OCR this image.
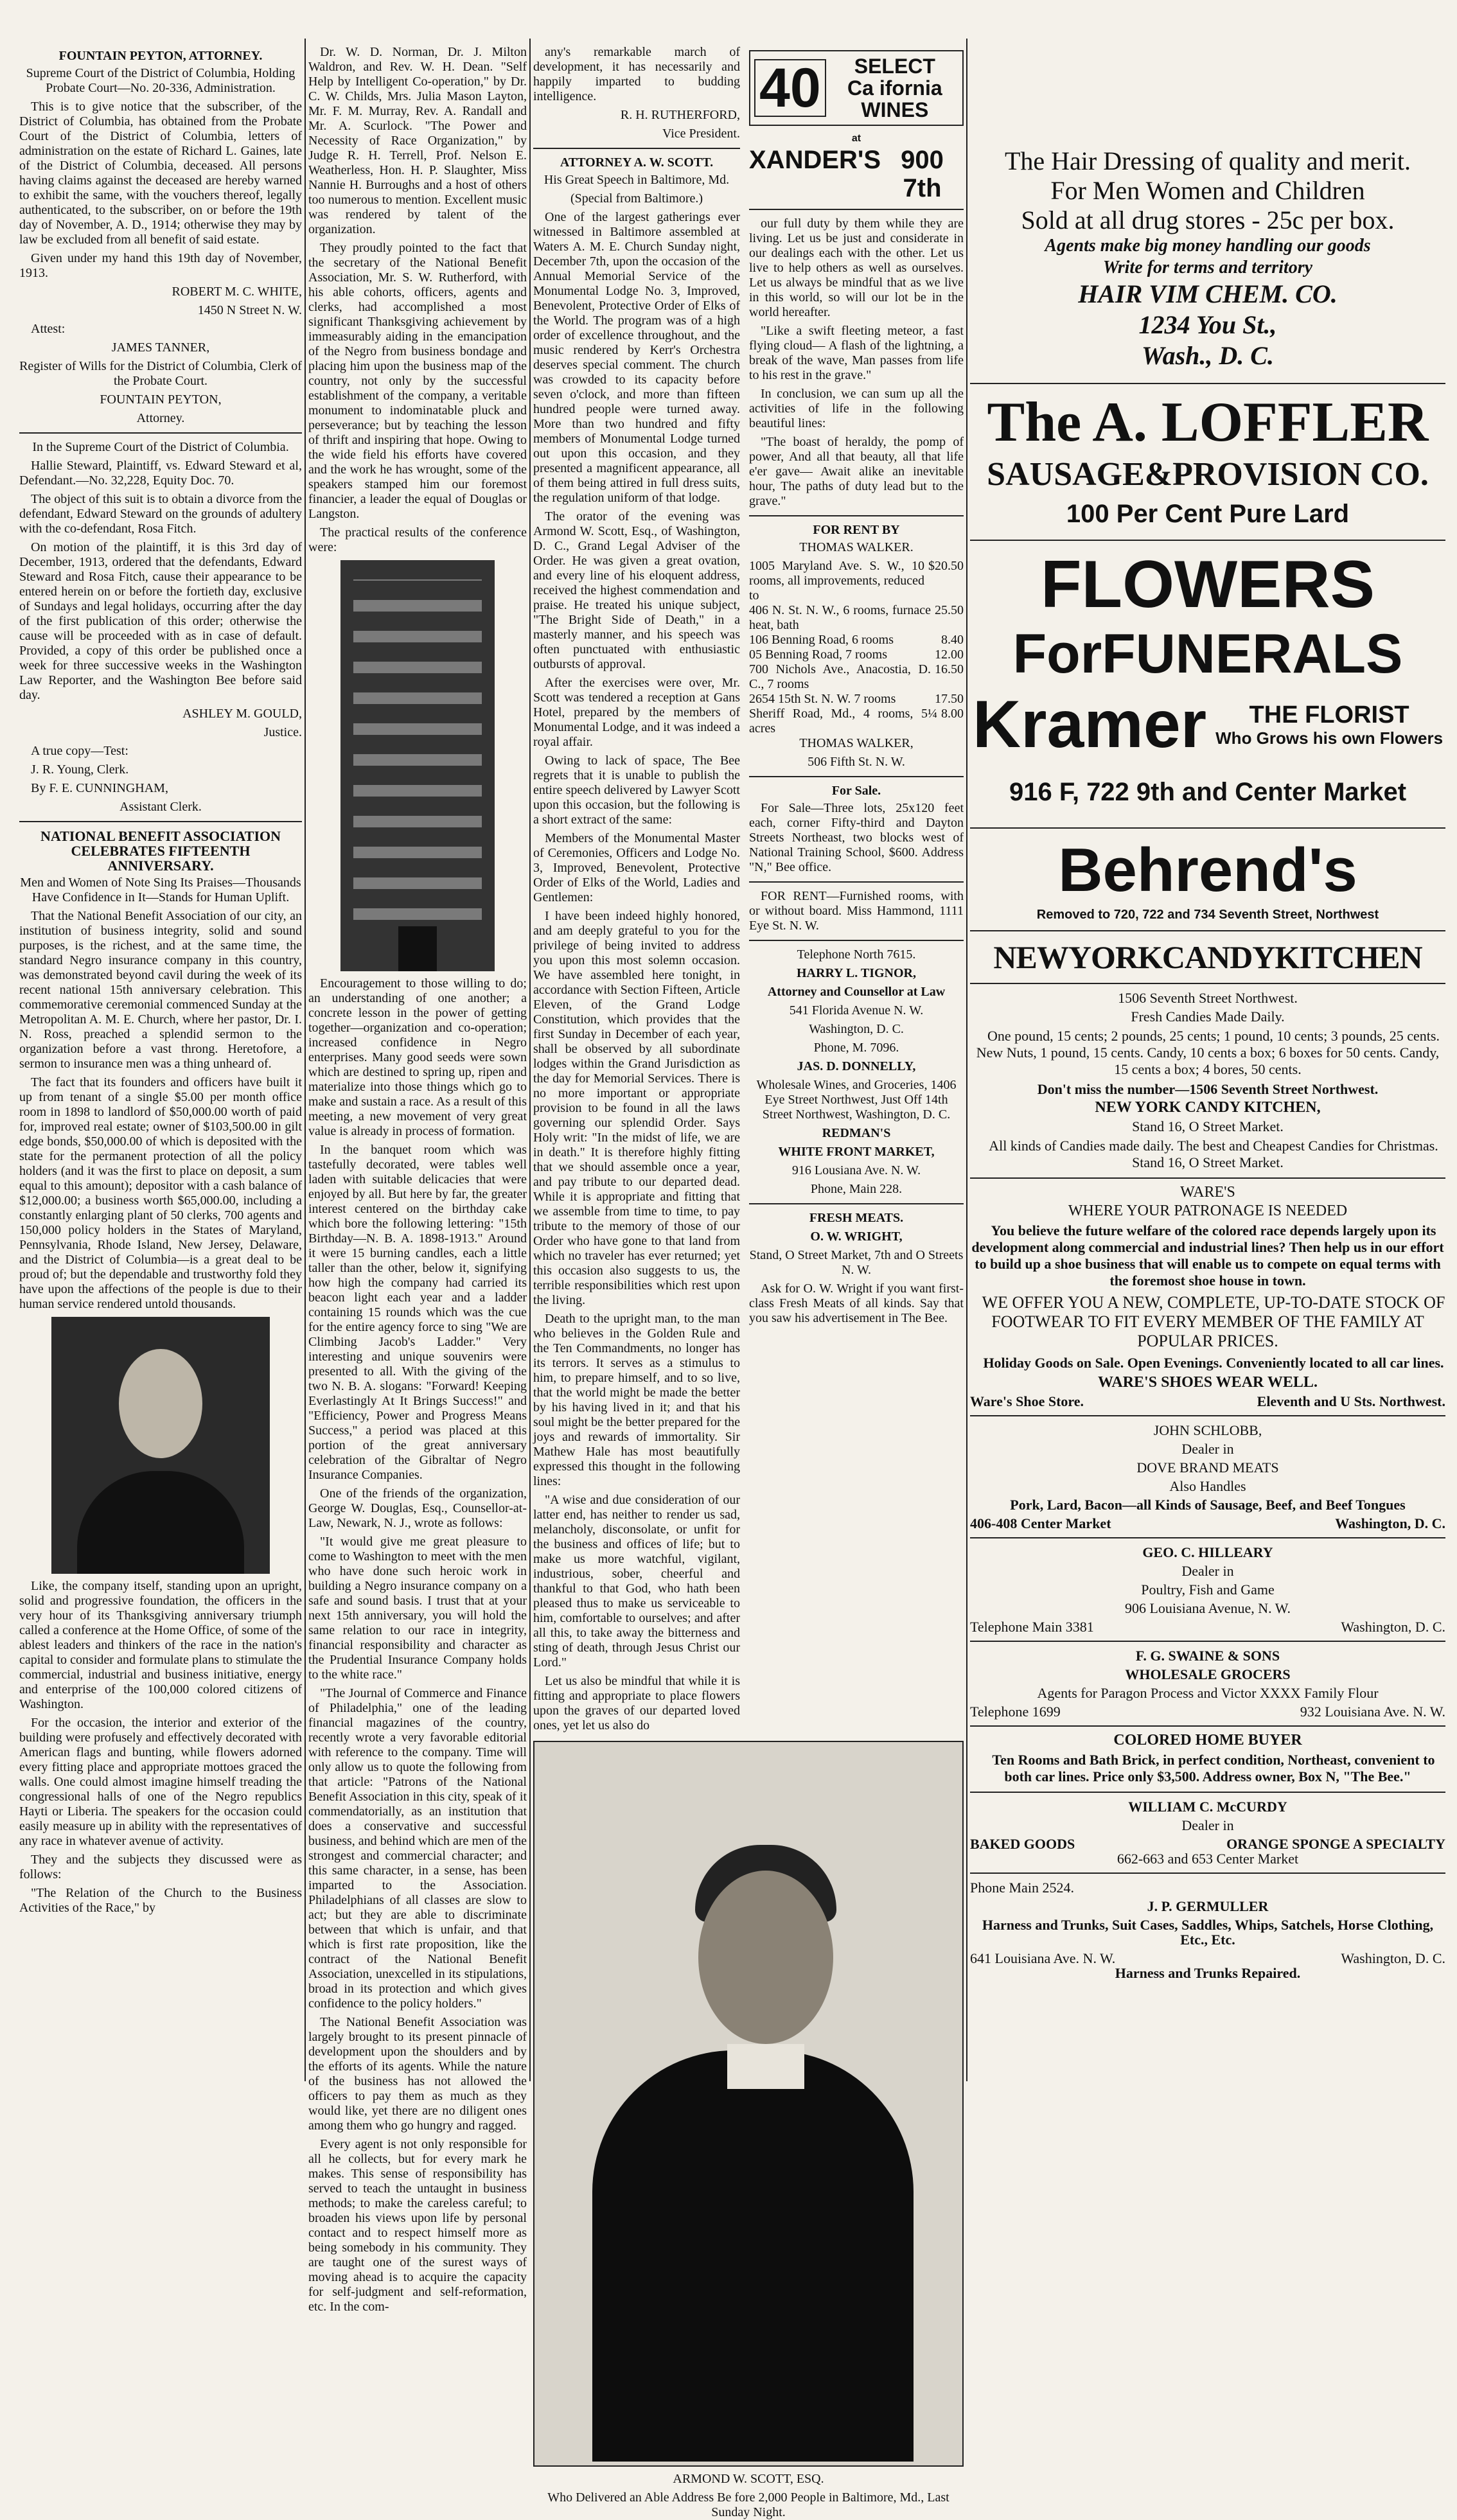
FOUNTAIN PEYTON, ATTORNEY.

Supreme Court of the District of Columbia, Holding Probate Court—No. 20-336, Administration.

This is to give notice that the subscriber, of the District of Columbia, has obtained from the Probate Court of the District of Columbia, letters of administration on the estate of Richard L. Gaines, late of the District of Columbia, deceased. All persons having claims against the deceased are hereby warned to exhibit the same, with the vouchers thereof, legally authenticated, to the subscriber, on or before the 19th day of November, A. D., 1914; otherwise they may by law be excluded from all benefit of said estate.

Given under my hand this 19th day of November, 1913.

ROBERT M. C. WHITE,

1450 N Street N. W.

Attest:

JAMES TANNER,

Register of Wills for the District of Columbia, Clerk of the Probate Court.

FOUNTAIN PEYTON,

Attorney.

In the Supreme Court of the District of Columbia.

Hallie Steward, Plaintiff, vs. Edward Steward et al, Defendant.—No. 32,228, Equity Doc. 70.

The object of this suit is to obtain a divorce from the defendant, Edward Steward on the grounds of adultery with the co-defendant, Rosa Fitch.

On motion of the plaintiff, it is this 3rd day of December, 1913, ordered that the defendants, Edward Steward and Rosa Fitch, cause their appearance to be entered herein on or before the fortieth day, exclusive of Sundays and legal holidays, occurring after the day of the first publication of this order; otherwise the cause will be proceeded with as in case of default. Provided, a copy of this order be published once a week for three successive weeks in the Washington Law Reporter, and the Washington Bee before said day.

ASHLEY M. GOULD,

Justice.

A true copy—Test:

J. R. Young, Clerk.

By F. E. CUNNINGHAM,

Assistant Clerk.

NATIONAL BENEFIT ASSOCIATION CELEBRATES FIFTEENTH ANNIVERSARY.

Men and Women of Note Sing Its Praises—Thousands Have Confidence in It—Stands for Human Uplift.

That the National Benefit Association of our city, an institution of business integrity, solid and sound purposes, is the richest, and at the same time, the standard Negro insurance company in this country, was demonstrated beyond cavil during the week of its recent national 15th anniversary celebration. This commemorative ceremonial commenced Sunday at the Metropolitan A. M. E. Church, where her pastor, Dr. I. N. Ross, preached a splendid sermon to the organization before a vast throng. Heretofore, a sermon to insurance men was a thing unheard of.

The fact that its founders and officers have built it up from tenant of a single $5.00 per month office room in 1898 to landlord of $50,000.00 worth of paid for, improved real estate; owner of $103,500.00 in gilt edge bonds, $50,000.00 of which is deposited with the state for the permanent protection of all the policy holders (and it was the first to place on deposit, a sum equal to this amount); depositor with a cash balance of $12,000.00; a business worth $65,000.00, including a constantly enlarging plant of 50 clerks, 700 agents and 150,000 policy holders in the States of Maryland, Pennsylvania, Rhode Island, New Jersey, Delaware, and the District of Columbia—is a great deal to be proud of; but the dependable and trustworthy fold they have upon the affections of the people is due to their human service rendered untold thousands.

Like, the company itself, standing upon an upright, solid and progressive foundation, the officers in the very hour of its Thanksgiving anniversary triumph called a conference at the Home Office, of some of the ablest leaders and thinkers of the race in the nation's capital to consider and formulate plans to stimulate the commercial, industrial and business initiative, energy and enterprise of the 100,000 colored citizens of Washington.

For the occasion, the interior and exterior of the building were profusely and effectively decorated with American flags and bunting, while flowers adorned every fitting place and appropriate mottoes graced the walls. One could almost imagine himself treading the congressional halls of one of the Negro republics Hayti or Liberia. The speakers for the occasion could easily measure up in ability with the representatives of any race in whatever avenue of activity.

They and the subjects they discussed were as follows:

"The Relation of the Church to the Business Activities of the Race," by

Dr. W. D. Norman, Dr. J. Milton Waldron, and Rev. W. H. Dean. "Self Help by Intelligent Co-operation," by Dr. C. W. Childs, Mrs. Julia Mason Layton, Mr. F. M. Murray, Rev. A. Randall and Mr. A. Scurlock. "The Power and Necessity of Race Organization," by Judge R. H. Terrell, Prof. Nelson E. Weatherless, Hon. H. P. Slaughter, Miss Nannie H. Burroughs and a host of others too numerous to mention. Excellent music was rendered by talent of the organization.

They proudly pointed to the fact that the secretary of the National Benefit Association, Mr. S. W. Rutherford, with his able cohorts, officers, agents and clerks, had accomplished a most significant Thanksgiving achievement by immeasurably aiding in the emancipation of the Negro from business bondage and placing him upon the business map of the country, not only by the successful establishment of the company, a veritable monument to indominatable pluck and perseverance; but by teaching the lesson of thrift and inspiring that hope. Owing to the wide field his efforts have covered and the work he has wrought, some of the speakers stamped him our foremost financier, a leader the equal of Douglas or Langston.

The practical results of the conference were:

Encouragement to those willing to do; an understanding of one another; a concrete lesson in the power of getting together—organization and co-operation; increased confidence in Negro enterprises. Many good seeds were sown which are destined to spring up, ripen and materialize into those things which go to make and sustain a race. As a result of this meeting, a new movement of very great value is already in process of formation.

In the banquet room which was tastefully decorated, were tables well laden with suitable delicacies that were enjoyed by all. But here by far, the greater interest centered on the birthday cake which bore the following lettering: "15th Birthday—N. B. A. 1898-1913." Around it were 15 burning candles, each a little taller than the other, below it, signifying how high the company had carried its beacon light each year and a ladder containing 15 rounds which was the cue for the entire agency force to sing "We are Climbing Jacob's Ladder." Very interesting and unique souvenirs were presented to all. With the giving of the two N. B. A. slogans: "Forward! Keeping Everlastingly At It Brings Success!" and "Efficiency, Power and Progress Means Success," a period was placed at this portion of the great anniversary celebration of the Gibraltar of Negro Insurance Companies.

One of the friends of the organization, George W. Douglas, Esq., Counsellor-at-Law, Newark, N. J., wrote as follows:

"It would give me great pleasure to come to Washington to meet with the men who have done such heroic work in building a Negro insurance company on a safe and sound basis. I trust that at your next 15th anniversary, you will hold the same relation to our race in integrity, financial responsibility and character as the Prudential Insurance Company holds to the white race."

"The Journal of Commerce and Finance of Philadelphia," one of the leading financial magazines of the country, recently wrote a very favorable editorial with reference to the company. Time will only allow us to quote the following from that article: "Patrons of the National Benefit Association in this city, speak of it commendatorially, as an institution that does a conservative and successful business, and behind which are men of the strongest and commercial character; and this same character, in a sense, has been imparted to the Association. Philadelphians of all classes are slow to act; but they are able to discriminate between that which is unfair, and that which is first rate proposition, like the contract of the National Benefit Association, unexcelled in its stipulations, broad in its protection and which gives confidence to the policy holders."

The National Benefit Association was largely brought to its present pinnacle of development upon the shoulders and by the efforts of its agents. While the nature of the business has not allowed the officers to pay them as much as they would like, yet there are no diligent ones among them who go hungry and ragged.

Every agent is not only responsible for all he collects, but for every mark he makes. This sense of responsibility has served to teach the untaught in business methods; to make the careless careful; to broaden his views upon life by personal contact and to respect himself more as being somebody in his community. They are taught one of the surest ways of moving ahead is to acquire the capacity for self-judgment and self-reformation, etc. In the com-

any's remarkable march of development, it has necessarily and happily imparted to budding intelligence.

R. H. RUTHERFORD,

Vice President.

ATTORNEY A. W. SCOTT.

His Great Speech in Baltimore, Md.

(Special from Baltimore.)

One of the largest gatherings ever witnessed in Baltimore assembled at Waters A. M. E. Church Sunday night, December 7th, upon the occasion of the Annual Memorial Service of the Monumental Lodge No. 3, Improved, Benevolent, Protective Order of Elks of the World. The program was of a high order of excellence throughout, and the music rendered by Kerr's Orchestra deserves special comment. The church was crowded to its capacity before seven o'clock, and more than fifteen hundred people were turned away. More than two hundred and fifty members of Monumental Lodge turned out upon this occasion, and they presented a magnificent appearance, all of them being attired in full dress suits, the regulation uniform of that lodge.

The orator of the evening was Armond W. Scott, Esq., of Washington, D. C., Grand Legal Adviser of the Order. He was given a great ovation, and every line of his eloquent address, received the highest commendation and praise. He treated his unique subject, "The Bright Side of Death," in a masterly manner, and his speech was often punctuated with enthusiastic outbursts of approval.

After the exercises were over, Mr. Scott was tendered a reception at Gans Hotel, prepared by the members of Monumental Lodge, and it was indeed a royal affair.

Owing to lack of space, The Bee regrets that it is unable to publish the entire speech delivered by Lawyer Scott upon this occasion, but the following is a short extract of the same:

Members of the Monumental Master of Ceremonies, Officers and Lodge No. 3, Improved, Benevolent, Protective Order of Elks of the World, Ladies and Gentlemen:

I have been indeed highly honored, and am deeply grateful to you for the privilege of being invited to address you upon this most solemn occasion. We have assembled here tonight, in accordance with Section Fifteen, Article Eleven, of the Grand Lodge Constitution, which provides that the first Sunday in December of each year, shall be observed by all subordinate lodges within the Grand Jurisdiction as the day for Memorial Services. There is no more important or appropriate provision to be found in all the laws governing our splendid Order. Says Holy writ: "In the midst of life, we are in death." It is therefore highly fitting that we should assemble once a year, and pay tribute to our departed dead. While it is appropriate and fitting that we assemble from time to time, to pay tribute to the memory of those of our Order who have gone to that land from which no traveler has ever returned; yet this occasion also suggests to us, the terrible responsibilities which rest upon the living.

Death to the upright man, to the man who believes in the Golden Rule and the Ten Commandments, no longer has its terrors. It serves as a stimulus to him, to prepare himself, and to so live, that the world might be made the better by his having lived in it; and that his soul might be the better prepared for the joys and rewards of immortality. Sir Mathew Hale has most beautifully expressed this thought in the following lines:

"A wise and due consideration of our latter end, has neither to render us sad, melancholy, disconsolate, or unfit for the business and offices of life; but to make us more watchful, vigilant, industrious, sober, cheerful and thankful to that God, who hath been pleased thus to make us serviceable to him, comfortable to ourselves; and after all this, to take away the bitterness and sting of death, through Jesus Christ our Lord."

Let us also be mindful that while it is fitting and appropriate to place flowers upon the graves of our departed loved ones, yet let us also do

40	SELECT
Ca ifornia
WINES
at
XANDER'S 900 7th

our full duty by them while they are living. Let us be just and considerate in our dealings each with the other. Let us live to help others as well as ourselves. Let us always be mindful that as we live in this world, so will our lot be in the world hereafter.

"Like a swift fleeting meteor, a fast flying cloud— A flash of the lightning, a break of the wave, Man passes from life to his rest in the grave."

In conclusion, we can sum up all the activities of life in the following beautiful lines:

"The boast of heraldy, the pomp of power, And all that beauty, all that life e'er gave— Await alike an inevitable hour, The paths of duty lead but to the grave."

FOR RENT BY

THOMAS WALKER.

1005 Maryland Ave. S. W., 10 rooms, all improvements, reduced to
$20.50
406 N. St. N. W., 6 rooms, furnace heat, bath
25.50
106 Benning Road, 6 rooms	8.40
05 Benning Road, 7 rooms	12.00
700 Nichols Ave., Anacostia, D. C., 7 rooms
16.50
2654 15th St. N. W. 7 rooms	17.50
Sheriff Road, Md., 4 rooms, 5¼ acres
8.00

THOMAS WALKER,

506 Fifth St. N. W.

For Sale.

For Sale—Three lots, 25x120 feet each, corner Fifty-third and Dayton Streets Northeast, two blocks west of National Training School, $600. Address "N," Bee office.

FOR RENT—Furnished rooms, with or without board. Miss Hammond, 1111 Eye St. N. W.

Telephone North 7615.

HARRY L. TIGNOR,

Attorney and Counsellor at Law

541 Florida Avenue N. W.

Washington, D. C.

Phone, M. 7096.

JAS. D. DONNELLY,

Wholesale Wines, and Groceries, 1406 Eye Street Northwest, Just Off 14th Street Northwest, Washington, D. C.

REDMAN'S

WHITE FRONT MARKET,

916 Lousiana Ave. N. W.

Phone, Main 228.

FRESH MEATS.

O. W. WRIGHT,

Stand, O Street Market, 7th and O Streets N. W.

Ask for O. W. Wright if you want first-class Fresh Meats of all kinds. Say that you saw his advertisement in The Bee.

ARMOND W. SCOTT, ESQ.

Who Delivered an Able Address Be fore 2,000 People in Baltimore, Md., Last Sunday Night.

The Hair Dressing of quality and merit.
For Men Women and Children
Sold at all drug stores - 25c per box.
Agents make big money handling our goods
Write for terms and territory
HAIR VIM CHEM. CO.
1234 You St.,
Wash., D. C.
The A. LOFFLER
SAUSAGE&PROVISION CO.
100 Per Cent Pure Lard
FLOWERS
ForFUNERALS
Kramer	THE FLORIST
Who Grows his own Flowers
916 F, 722 9th and Center Market
Behrend's
Removed to 720, 722 and 734 Seventh Street, Northwest
NEWYORKCANDYKITCHEN

1506 Seventh Street Northwest.

Fresh Candies Made Daily.

One pound, 15 cents; 2 pounds, 25 cents; 1 pound, 10 cents; 3 pounds, 25 cents. New Nuts, 1 pound, 15 cents. Candy, 10 cents a box; 6 boxes for 50 cents. Candy, 15 cents a box; 4 bores, 50 cents.

Don't miss the number—1506 Seventh Street Northwest.

NEW YORK CANDY KITCHEN,

Stand 16, O Street Market.

All kinds of Candies made daily. The best and Cheapest Candies for Christmas. Stand 16, O Street Market.

WARE'S

WHERE YOUR PATRONAGE IS NEEDED

You believe the future welfare of the colored race depends largely upon its development along commercial and industrial lines? Then help us in our effort to build up a shoe business that will enable us to compete on equal terms with the foremost shoe house in town.

WE OFFER YOU A NEW, COMPLETE, UP-TO-DATE STOCK OF FOOTWEAR TO FIT EVERY MEMBER OF THE FAMILY AT POPULAR PRICES.

Holiday Goods on Sale. Open Evenings. Conveniently located to all car lines.

WARE'S SHOES WEAR WELL.

Ware's Shoe Store.	Eleventh and U Sts. Northwest.

JOHN SCHLOBB,

Dealer in

DOVE BRAND MEATS

Also Handles

Pork, Lard, Bacon—all Kinds of Sausage, Beef, and Beef Tongues

406-408 Center Market	Washington, D. C.

GEO. C. HILLEARY

Dealer in

Poultry, Fish and Game

906 Louisiana Avenue, N. W.

Telephone Main 3381	Washington, D. C.

F. G. SWAINE & SONS

WHOLESALE GROCERS

Agents for Paragon Process and Victor XXXX Family Flour

Telephone 1699	932 Louisiana Ave. N. W.

COLORED HOME BUYER

Ten Rooms and Bath Brick, in perfect condition, Northeast, convenient to both car lines. Price only $3,500. Address owner, Box N, "The Bee."

WILLIAM C. McCURDY

Dealer in

BAKED GOODS	ORANGE SPONGE A SPECIALTY

662-663 and 653 Center Market

Phone Main 2524.

J. P. GERMULLER

Harness and Trunks, Suit Cases, Saddles, Whips, Satchels, Horse Clothing, Etc., Etc.

641 Louisiana Ave. N. W.	Washington, D. C.

Harness and Trunks Repaired.
